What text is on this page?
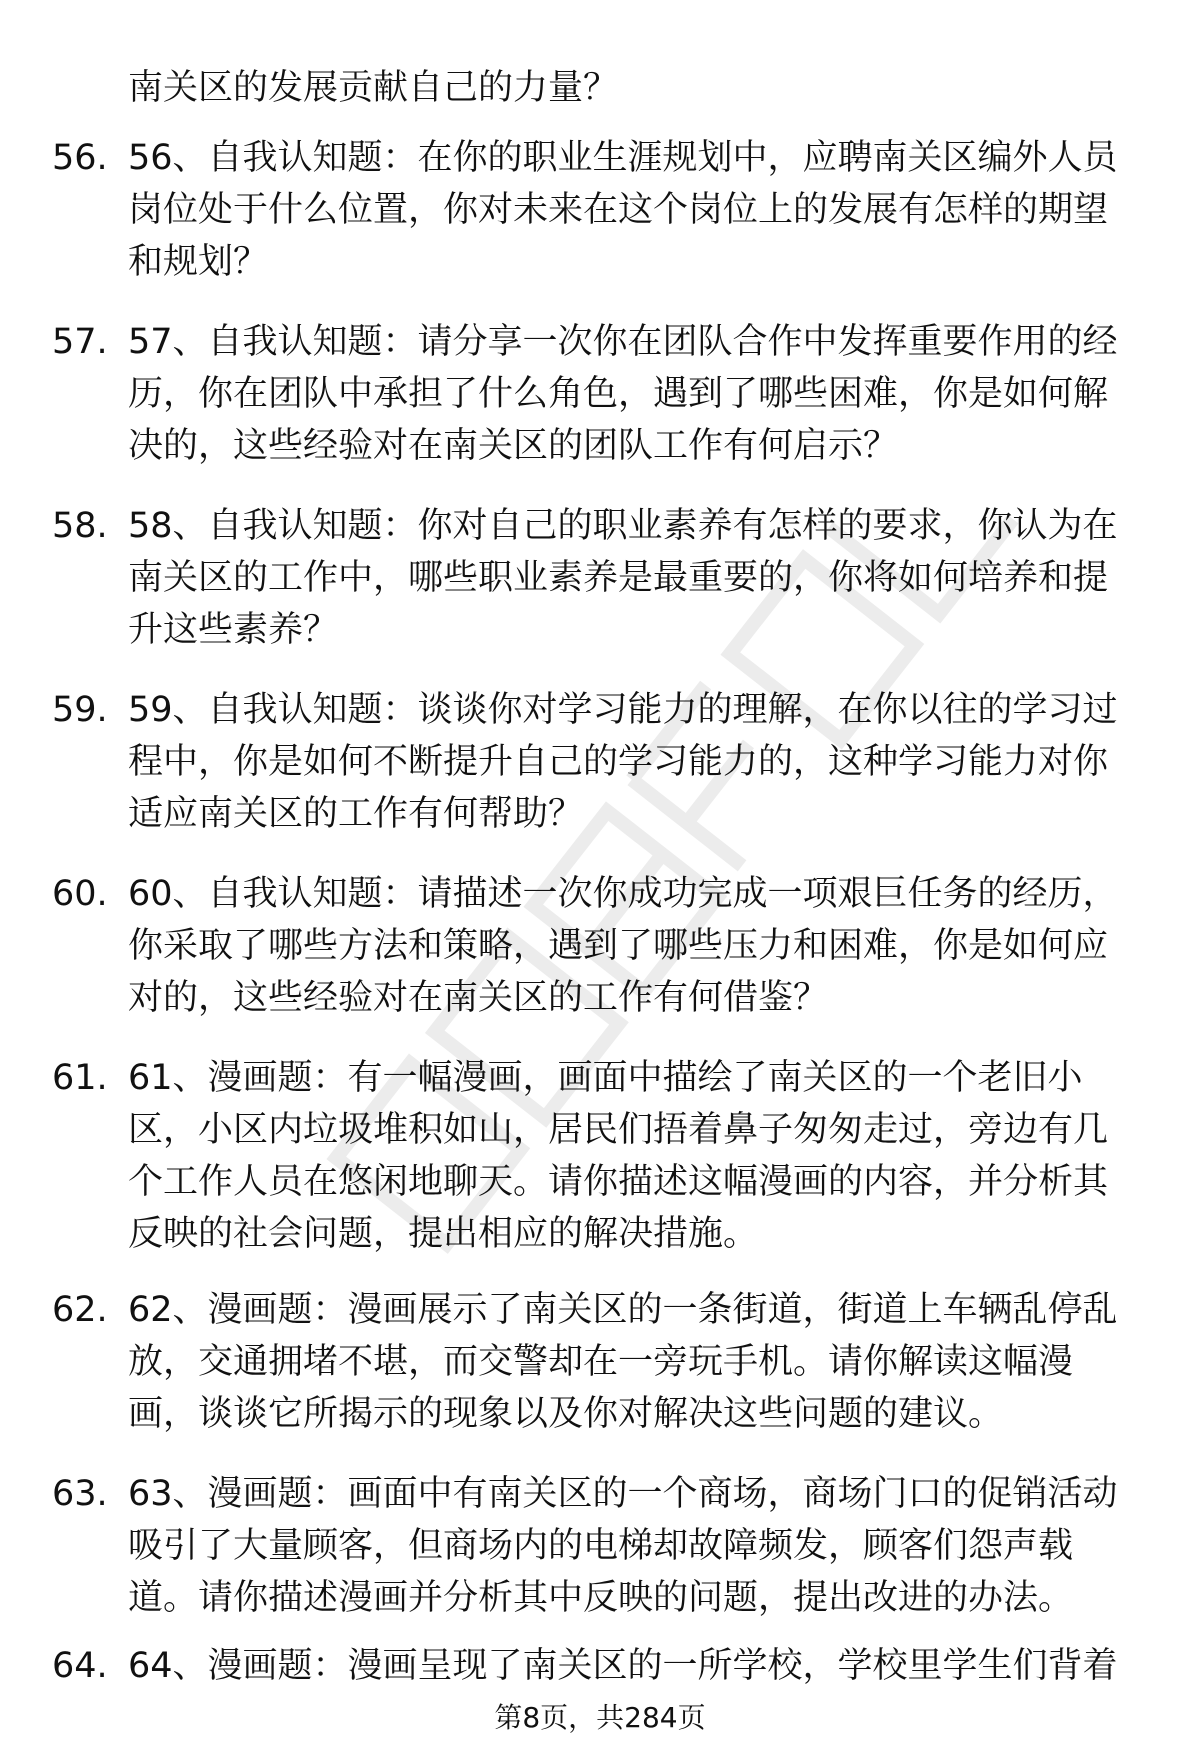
南关区的发展贡献自己的力量？

56. 56、自我认知题：在你的职业生涯规划中，应聘南关区编外人员
岗位处于什么位置，你对未来在这个岗位上的发展有怎样的期望
和规划？
57. 57、自我认知题：请分享一次你在团队合作中发挥重要作用的经
历，你在团队中承担了什么角色，遇到了哪些困难，你是如何解
决的，这些经验对在南关区的团队工作有何启示？
58. 58、自我认知题：你对自己的职业素养有怎样的要求，你认为在
南关区的工作中，哪些职业素养是最重要的，你将如何培养和提
升这些素养？
59. 59、自我认知题：谈谈你对学习能力的理解，在你以往的学习过
程中，你是如何不断提升自己的学习能力的，这种学习能力对你
适应南关区的工作有何帮助？
60. 60、自我认知题：请描述一次你成功完成一项艰巨任务的经历，
你采取了哪些方法和策略，遇到了哪些压力和困难，你是如何应
对的，这些经验对在南关区的工作有何借鉴？
61. 61、漫画题：有一幅漫画，画面中描绘了南关区的一个老旧小
区，小区内垃圾堆积如山，居民们捂着鼻子匆匆走过，旁边有几
个工作人员在悠闲地聊天。请你描述这幅漫画的内容，并分析其
反映的社会问题，提出相应的解决措施。
62. 62、漫画题：漫画展示了南关区的一条街道，街道上车辆乱停乱
放，交通拥堵不堪，而交警却在一旁玩手机。请你解读这幅漫
画，谈谈它所揭示的现象以及你对解决这些问题的建议。
63. 63、漫画题：画面中有南关区的一个商场，商场门口的促销活动
吸引了大量顾客，但商场内的电梯却故障频发，顾客们怨声载
道。请你描述漫画并分析其中反映的问题，提出改进的办法。
64. 64、漫画题：漫画呈现了南关区的一所学校，学校里学生们背着
第8页，共284页
